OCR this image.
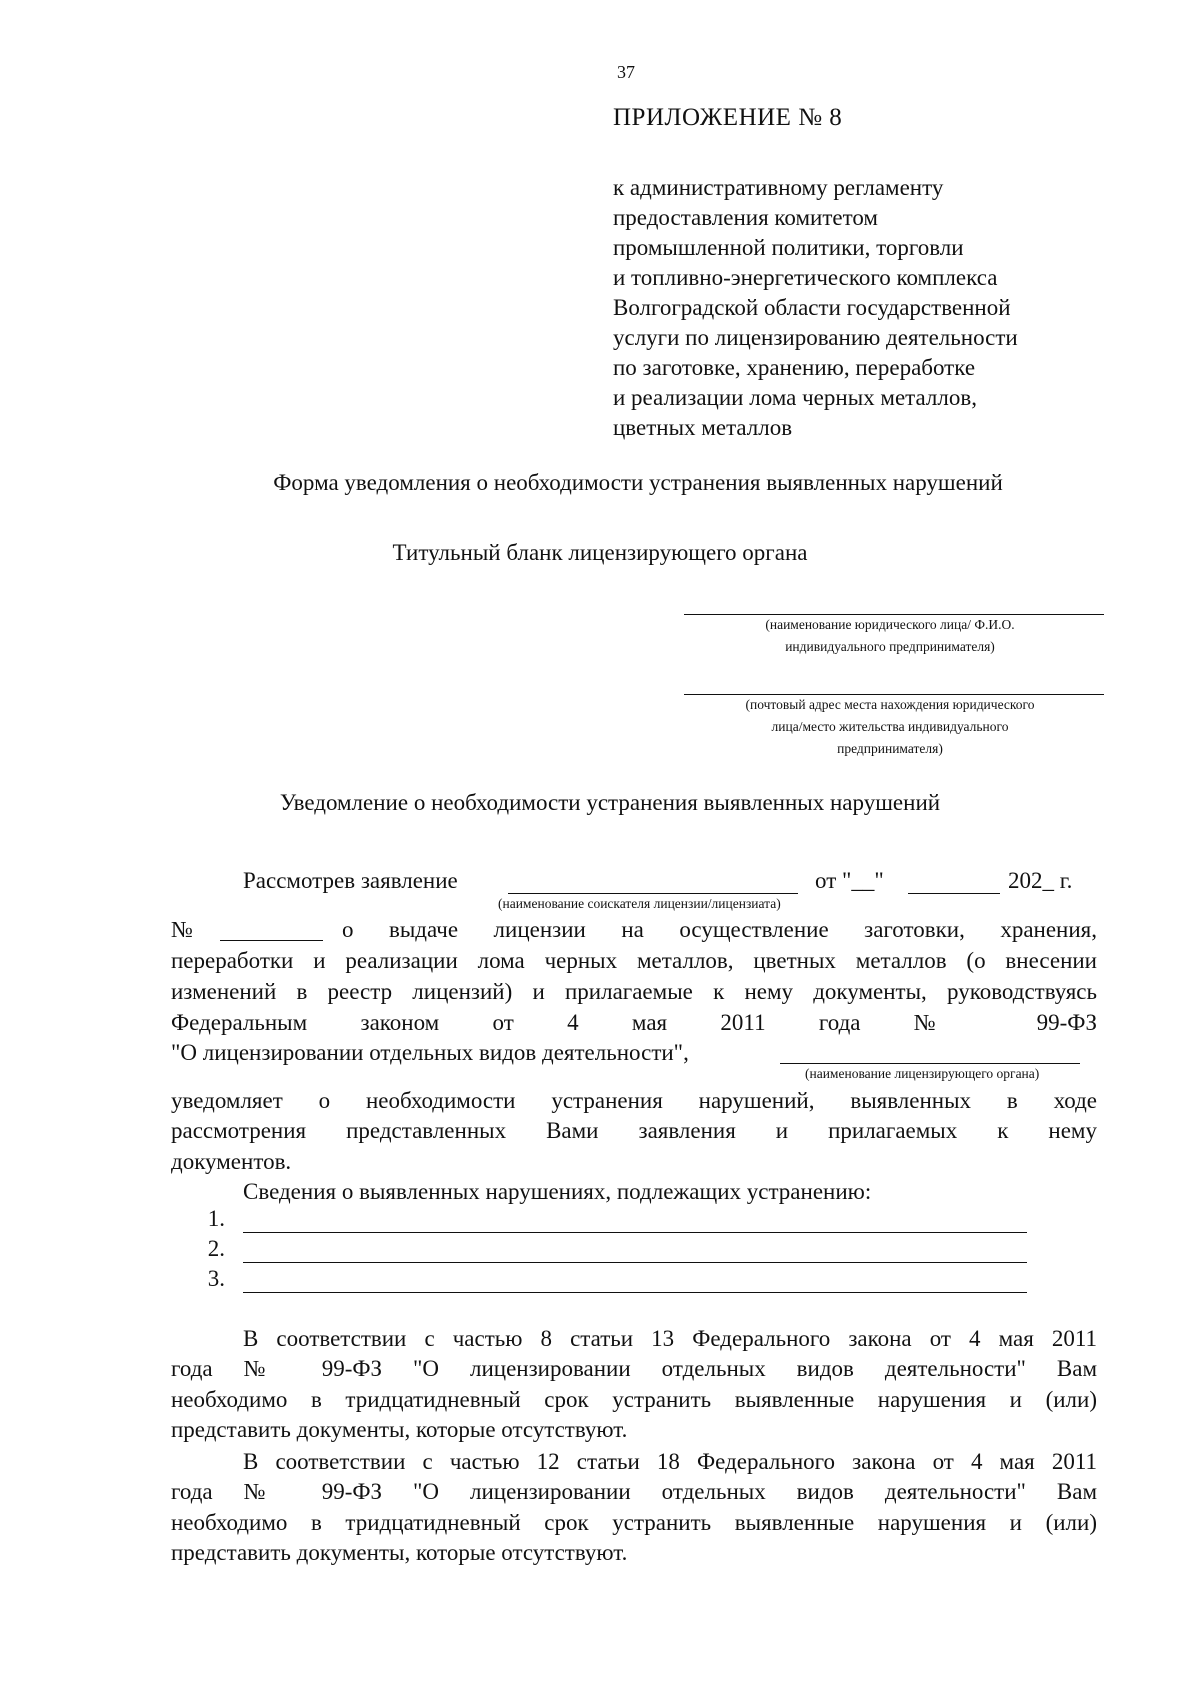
37
ПРИЛОЖЕНИЕ № 8
к административному регламенту
предоставления комитетом
промышленной политики, торговли
и топливно-энергетического комплекса
Волгоградской области государственной
услуги по лицензированию деятельности
по заготовке, хранению, переработке
и реализации лома черных металлов,
цветных металлов
Форма уведомления о необходимости устранения выявленных нарушений
Титульный бланк лицензирующего органа
(наименование юридического лица/ Ф.И.О.
индивидуального предпринимателя)
(почтовый адрес места нахождения юридического
лица/место жительства индивидуального
предпринимателя)
Уведомление о необходимости устранения выявленных нарушений
Рассмотрев заявление	от "__"	202_ г.
(наименование соискателя лицензии/лицензиата)
№	о выдаче лицензии на осуществление заготовки, хранения,
переработки и реализации лома черных металлов, цветных металлов (о внесении
изменений в реестр лицензий) и прилагаемые к нему документы, руководствуясь
Федеральным законом от 4 мая 2011 года № 99-ФЗ
"О лицензировании отдельных видов деятельности",
(наименование лицензирующего органа)
уведомляет о необходимости устранения нарушений, выявленных в ходе
рассмотрения представленных Вами заявления и прилагаемых к нему
документов.
Сведения о выявленных нарушениях, подлежащих устранению:
1.
2.
3.
В соответствии с частью 8 статьи 13 Федерального закона от 4 мая 2011
года № 99-ФЗ "О лицензировании отдельных видов деятельности" Вам
необходимо в тридцатидневный срок устранить выявленные нарушения и (или)
представить документы, которые отсутствуют.
В соответствии с частью 12 статьи 18 Федерального закона от 4 мая 2011
года № 99-ФЗ "О лицензировании отдельных видов деятельности" Вам
необходимо в тридцатидневный срок устранить выявленные нарушения и (или)
представить документы, которые отсутствуют.
